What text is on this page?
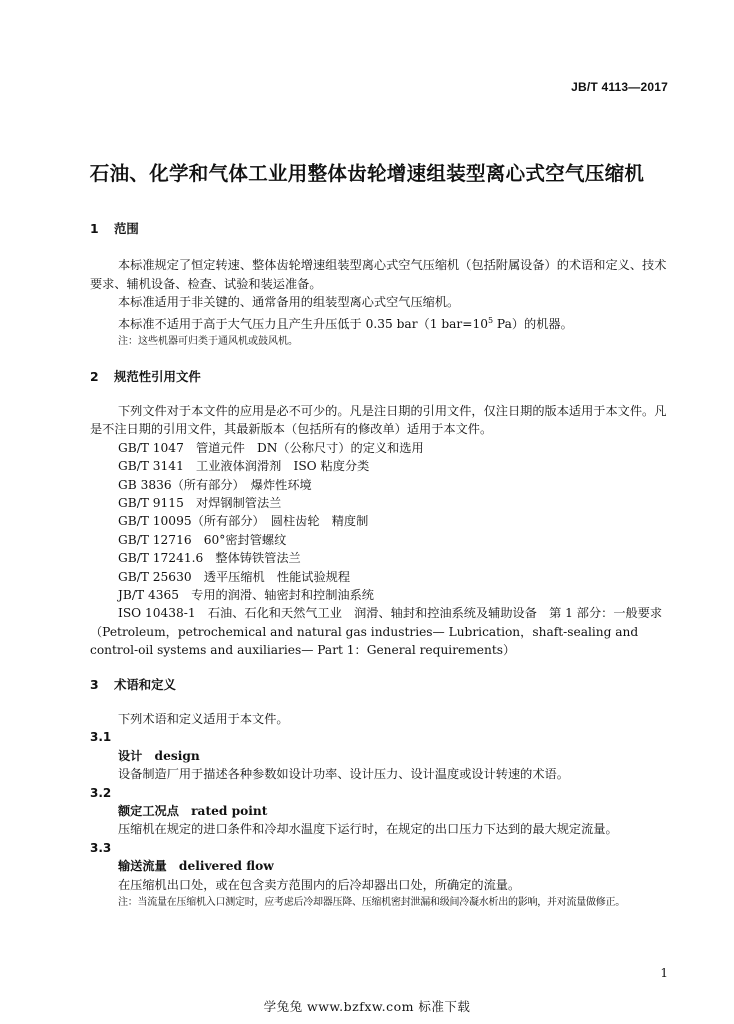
JB/T 4113—2017
石油、化学和气体工业用整体齿轮增速组装型离心式空气压缩机

1 范围

本标准规定了恒定转速、整体齿轮增速组装型离心式空气压缩机（包括附属设备）的术语和定义、技术要求、辅机设备、检查、试验和装运准备。

本标准适用于非关键的、通常备用的组装型离心式空气压缩机。

本标准不适用于高于大气压力且产生升压低于 0.35 bar（1 $bar=10^5$ Pa）的机器。

注：这些机器可归类于通风机或鼓风机。

2 规范性引用文件

下列文件对于本文件的应用是必不可少的。凡是注日期的引用文件，仅注日期的版本适用于本文件。凡是不注日期的引用文件，其最新版本（包括所有的修改单）适用于本文件。

GB/T 1047　管道元件　DN（公称尺寸）的定义和选用

GB/T 3141　工业液体润滑剂　ISO 粘度分类

GB 3836（所有部分）　爆炸性环境

GB/T 9115　对焊钢制管法兰

GB/T 10095（所有部分）　圆柱齿轮　精度制

GB/T 12716　60°密封管螺纹

GB/T 17241.6　整体铸铁管法兰

GB/T 25630　透平压缩机　性能试验规程

JB/T 4365　专用的润滑、轴密封和控制油系统

ISO 10438-1　石油、石化和天然气工业　润滑、轴封和控油系统及辅助设备　第 1 部分：一般要求（Petroleum，petrochemical and natural gas industries— Lubrication，shaft-sealing and control-oil systems and auxiliaries— Part 1：General requirements）

3 术语和定义

下列术语和定义适用于本文件。

3.1

设计　design

设备制造厂用于描述各种参数如设计功率、设计压力、设计温度或设计转速的术语。

3.2

额定工况点　rated point

压缩机在规定的进口条件和冷却水温度下运行时，在规定的出口压力下达到的最大规定流量。

3.3

输送流量　delivered flow

在压缩机出口处，或在包含卖方范围内的后冷却器出口处，所确定的流量。

注：当流量在压缩机入口测定时，应考虑后冷却器压降、压缩机密封泄漏和级间冷凝水析出的影响，并对流量做修正。

1
学兔兔 www.bzfxw.com 标准下载
